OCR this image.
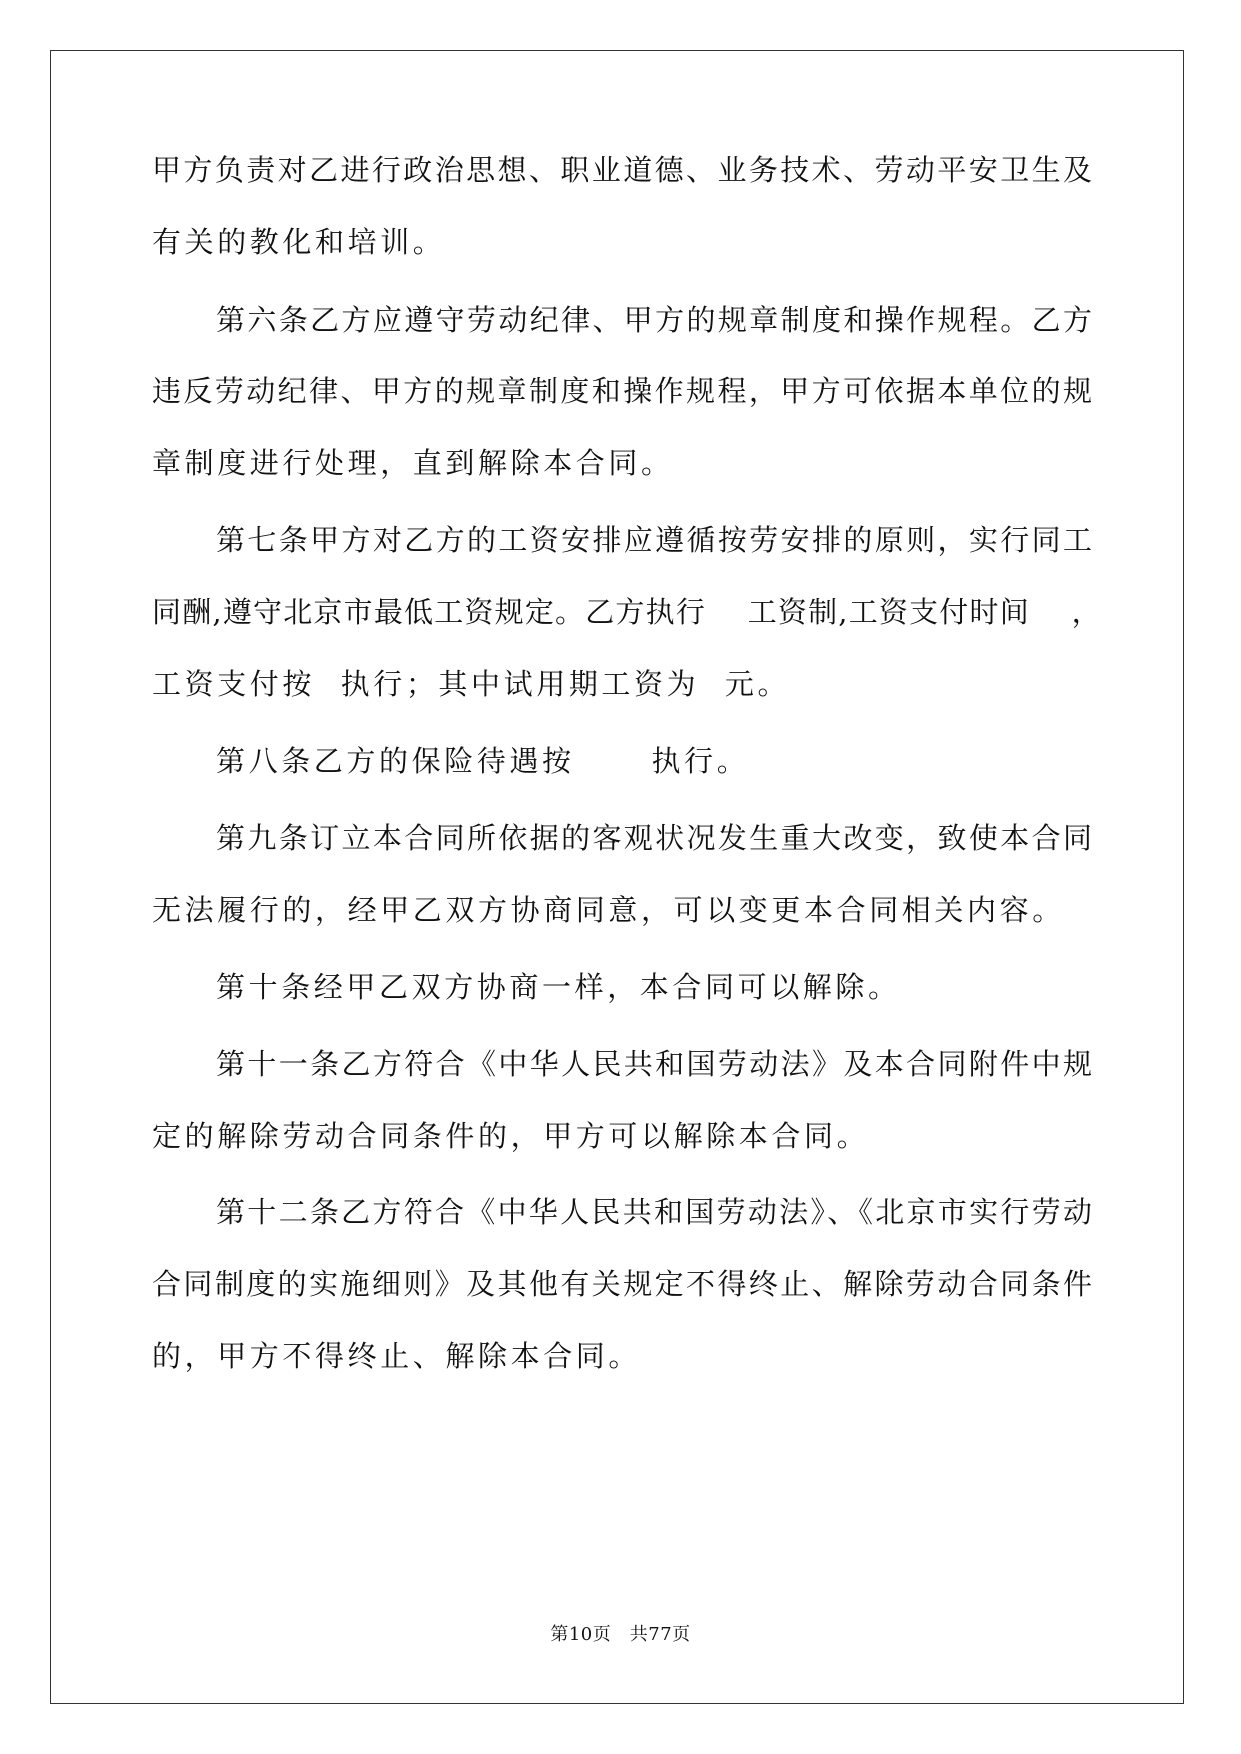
甲方负责对乙进行政治思想、职业道德、业务技术、劳动平安卫生及
有关的教化和培训。
第六条乙方应遵守劳动纪律、甲方的规章制度和操作规程。乙方
违反劳动纪律、甲方的规章制度和操作规程，甲方可依据本单位的规
章制度进行处理，直到解除本合同。
第七条甲方对乙方的工资安排应遵循按劳安排的原则，实行同工
同酬,遵守北京市最低工资规定。乙方执行    工资制,工资支付时间    ，
工资支付按  执行；其中试用期工资为  元。
第八条乙方的保险待遇按      执行。
第九条订立本合同所依据的客观状况发生重大改变，致使本合同
无法履行的，经甲乙双方协商同意，可以变更本合同相关内容。
第十条经甲乙双方协商一样，本合同可以解除。
第十一条乙方符合《中华人民共和国劳动法》及本合同附件中规
定的解除劳动合同条件的，甲方可以解除本合同。
第十二条乙方符合《中华人民共和国劳动法》、《北京市实行劳动
合同制度的实施细则》及其他有关规定不得终止、解除劳动合同条件
的，甲方不得终止、解除本合同。
第10页　共77页
